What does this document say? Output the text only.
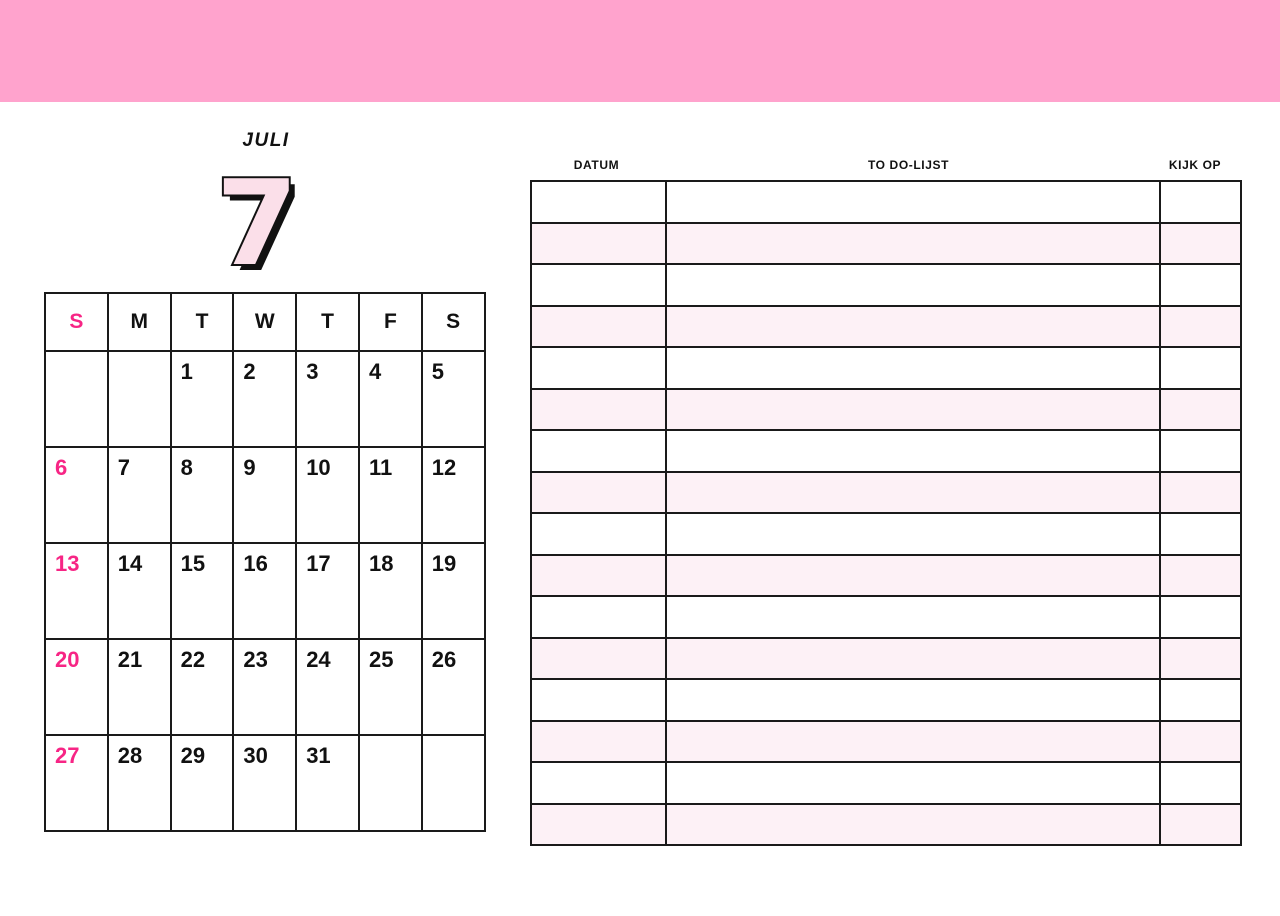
JULI
7
S	M	T	W	T	F	S

		1	2	3	4	5

6	7	8	9	10	11	12

13	14	15	16	17	18	19

20	21	22	23	24	25	26

27	28	29	30	31		

DATUM	TO DO-LIJST	KIJK OP
